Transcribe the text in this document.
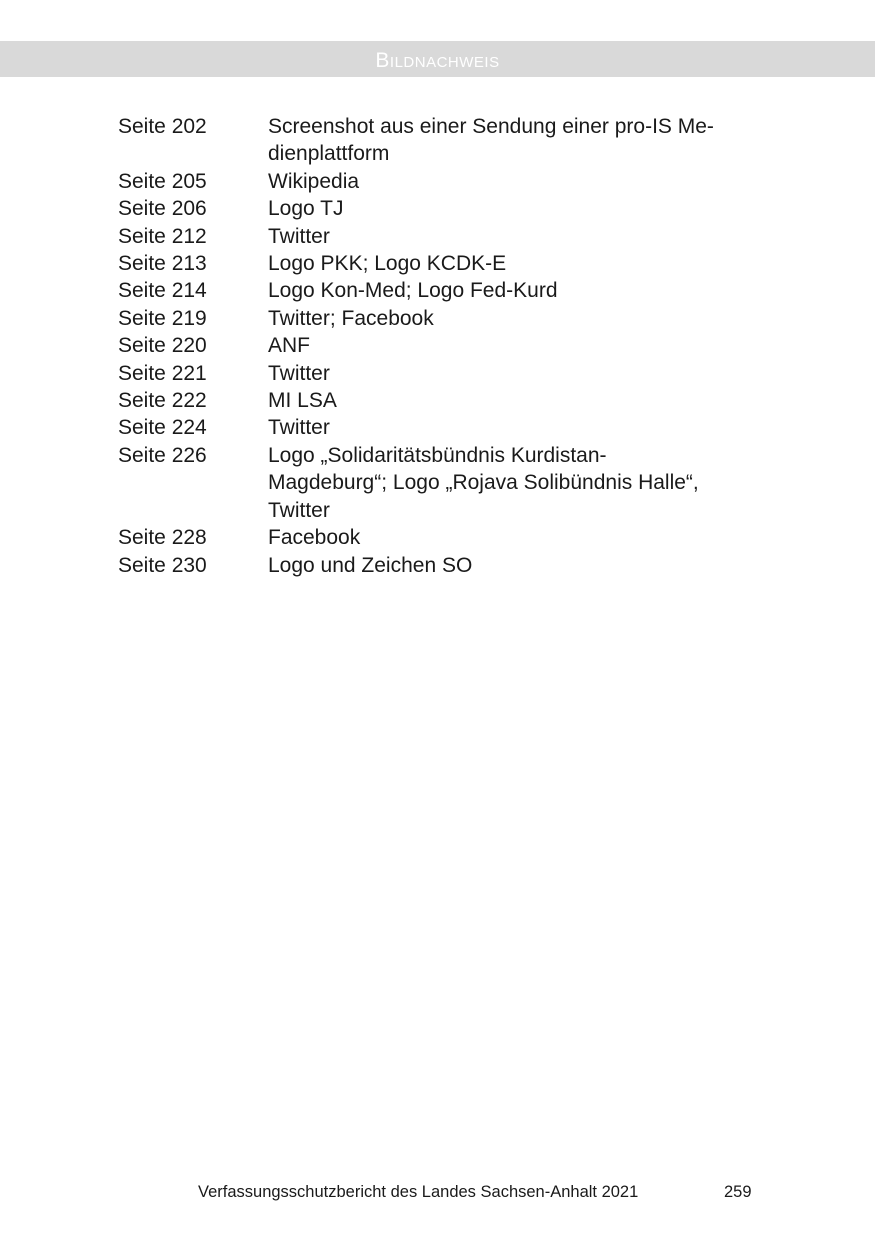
Bildnachweis
Seite 202	Screenshot aus einer Sendung einer pro-IS Me-
dienplattform
Seite 205	Wikipedia
Seite 206	Logo TJ
Seite 212	Twitter
Seite 213	Logo PKK; Logo KCDK-E
Seite 214	Logo Kon-Med; Logo Fed-Kurd
Seite 219	Twitter; Facebook
Seite 220	ANF
Seite 221	Twitter
Seite 222	MI LSA
Seite 224	Twitter
Seite 226	Logo „Solidaritätsbündnis Kurdistan-
Magdeburg“; Logo „Rojava Solibündnis Halle“,
Twitter
Seite 228	Facebook
Seite 230	Logo und Zeichen SO
Verfassungsschutzbericht des Landes Sachsen-Anhalt 2021	259
